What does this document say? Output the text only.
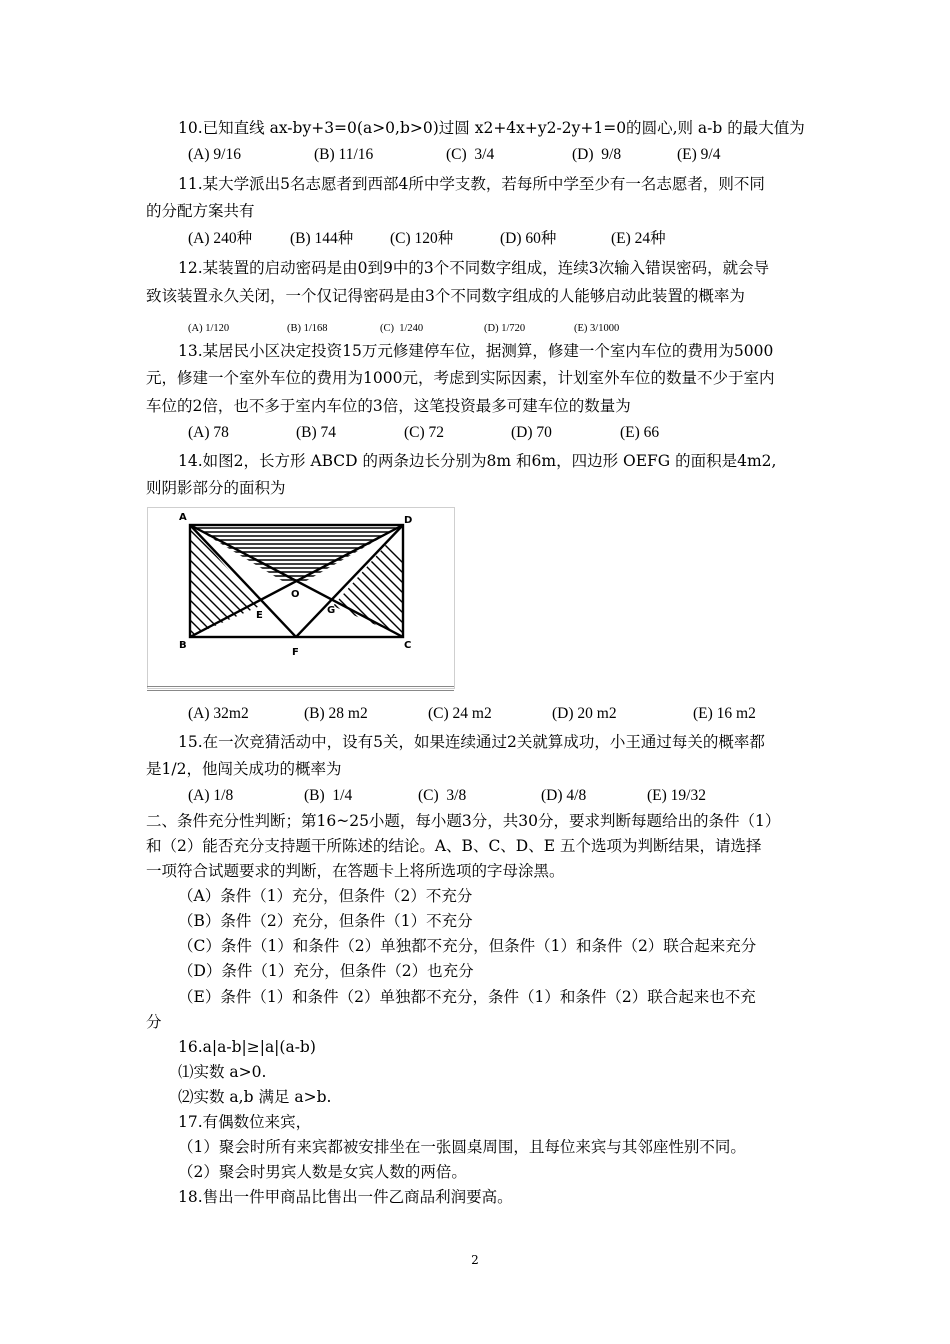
10.已知直线 ax-by+3=0(a>0,b>0)过圆 x2+4x+y2-2y+1=0的圆心,则 a-b 的最大值为
(A) 9/16	(B) 11/16	(C)  3/4	(D)  9/8	(E) 9/4
11.某大学派出5名志愿者到西部4所中学支教，若每所中学至少有一名志愿者，则不同
的分配方案共有
(A) 240种 (B) 144种 (C) 120种	(D) 60种	(E) 24种
12.某装置的启动密码是由0到9中的3个不同数字组成，连续3次输入错误密码，就会导
致该装置永久关闭，一个仅记得密码是由3个不同数字组成的人能够启动此装置的概率为
(A) 1/120	(B) 1/168	(C)  1/240	(D) 1/720	(E) 3/1000
13.某居民小区决定投资15万元修建停车位，据测算，修建一个室内车位的费用为5000
元，修建一个室外车位的费用为1000元，考虑到实际因素，计划室外车位的数量不少于室内
车位的2倍，也不多于室内车位的3倍，这笔投资最多可建车位的数量为
(A) 78	(B) 74	(C) 72	(D) 70	(E) 66
14.如图2，长方形 ABCD 的两条边长分别为8m 和6m，四边形 OEFG 的面积是4m2,
则阴影部分的面积为
A	D
B	C
F
O
E	G
(A) 32m2	(B) 28 m2	(C) 24 m2	(D) 20 m2	(E) 16 m2
15.在一次竞猜活动中，设有5关，如果连续通过2关就算成功，小王通过每关的概率都
是1/2，他闯关成功的概率为
(A) 1/8	(B)  1/4	(C)  3/8	(D) 4/8	(E) 19/32
二、条件充分性判断；第16~25小题，每小题3分，共30分，要求判断每题给出的条件（1）
和（2）能否充分支持题干所陈述的结论。A、B、C、D、E 五个选项为判断结果，请选择
一项符合试题要求的判断，在答题卡上将所选项的字母涂黑。
（A）条件（1）充分，但条件（2）不充分
（B）条件（2）充分，但条件（1）不充分
（C）条件（1）和条件（2）单独都不充分，但条件（1）和条件（2）联合起来充分
（D）条件（1）充分，但条件（2）也充分
（E）条件（1）和条件（2）单独都不充分，条件（1）和条件（2）联合起来也不充
分
16.a|a-b|≥|a|(a-b)
⑴实数 a>0.
⑵实数 a,b 满足 a>b.
17.有偶数位来宾，
（1）聚会时所有来宾都被安排坐在一张圆桌周围，且每位来宾与其邻座性别不同。
（2）聚会时男宾人数是女宾人数的两倍。
18.售出一件甲商品比售出一件乙商品利润要高。
2
